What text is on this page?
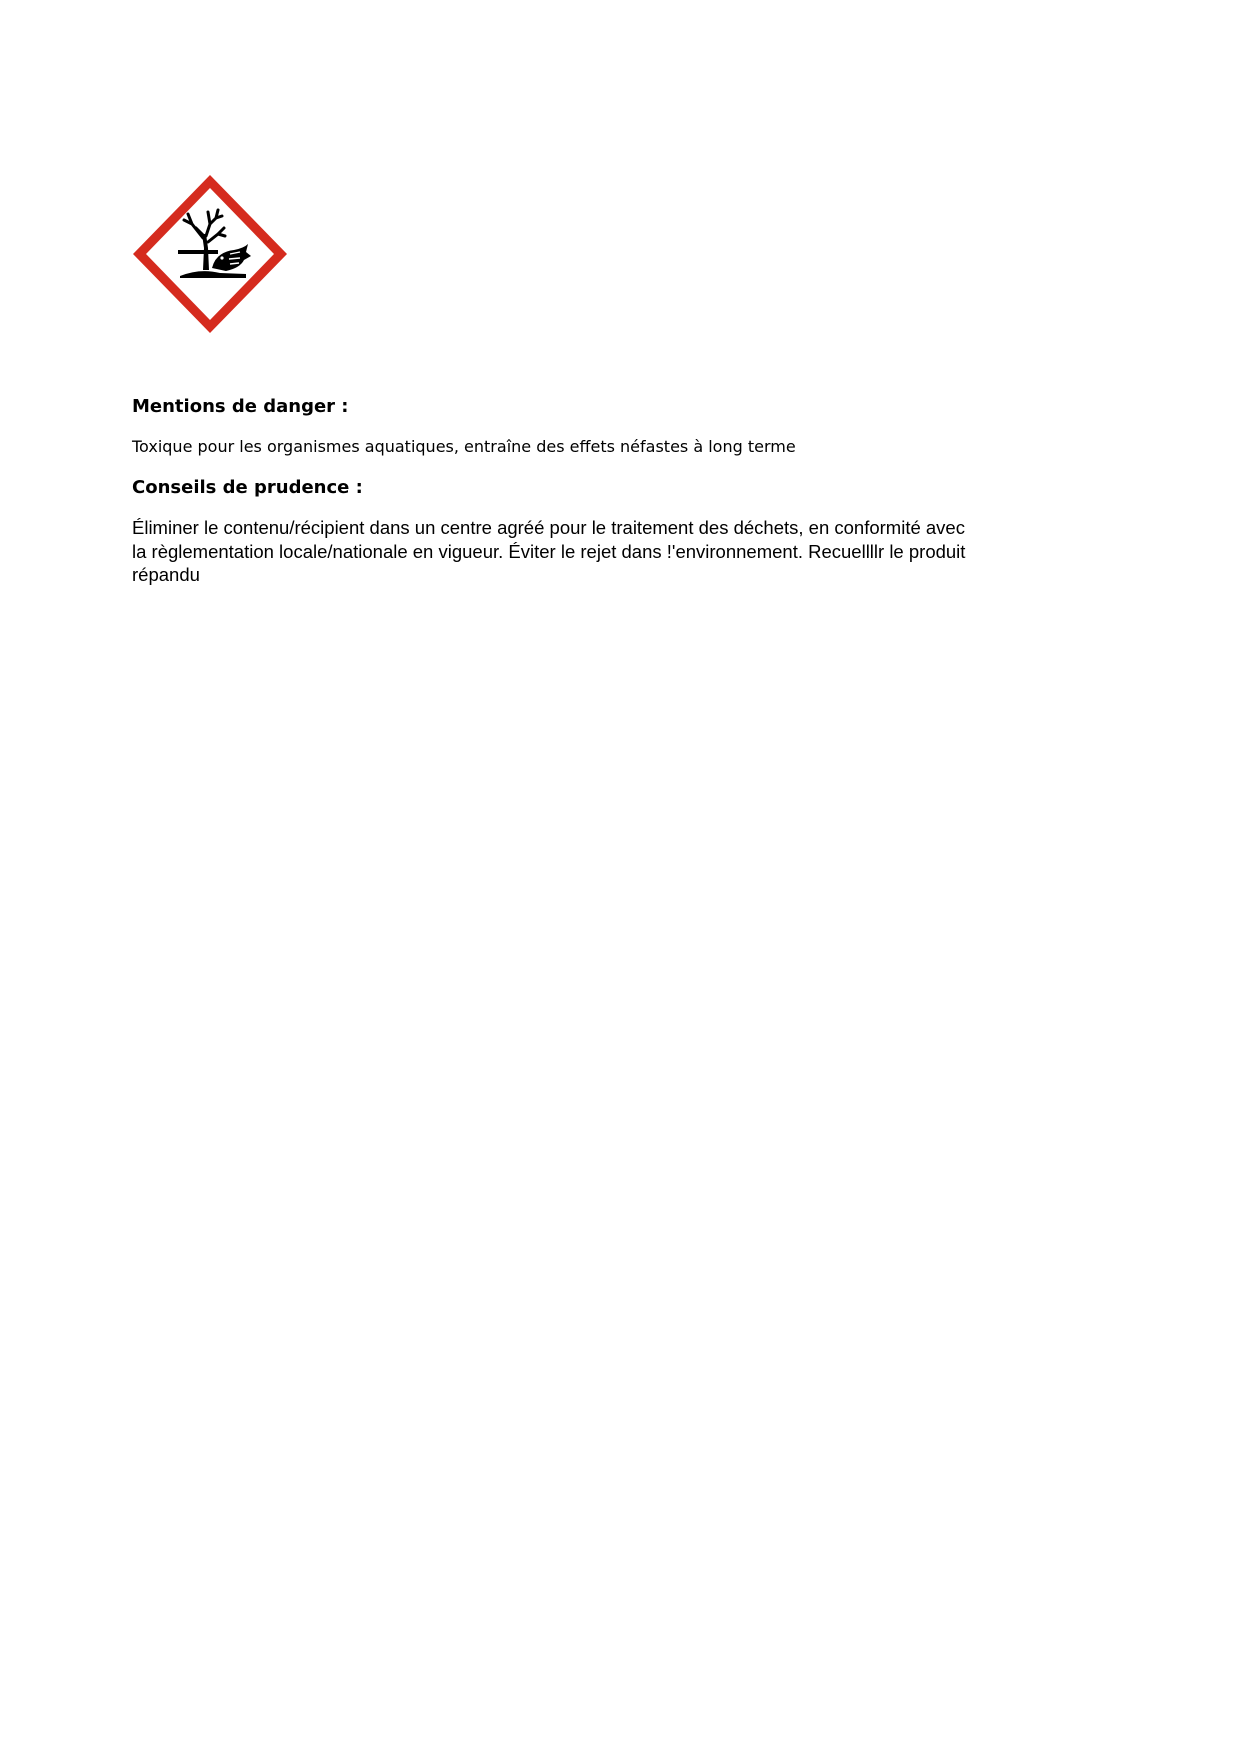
Mentions de danger :

Toxique pour les organismes aquatiques, entraîne des effets néfastes à long terme

Conseils de prudence :

Éliminer le contenu/récipient dans un centre agréé pour le traitement des déchets, en conformité avec la règlementation locale/nationale en vigueur. Éviter le rejet dans !'environnement. Recuellllr le produit répandu
